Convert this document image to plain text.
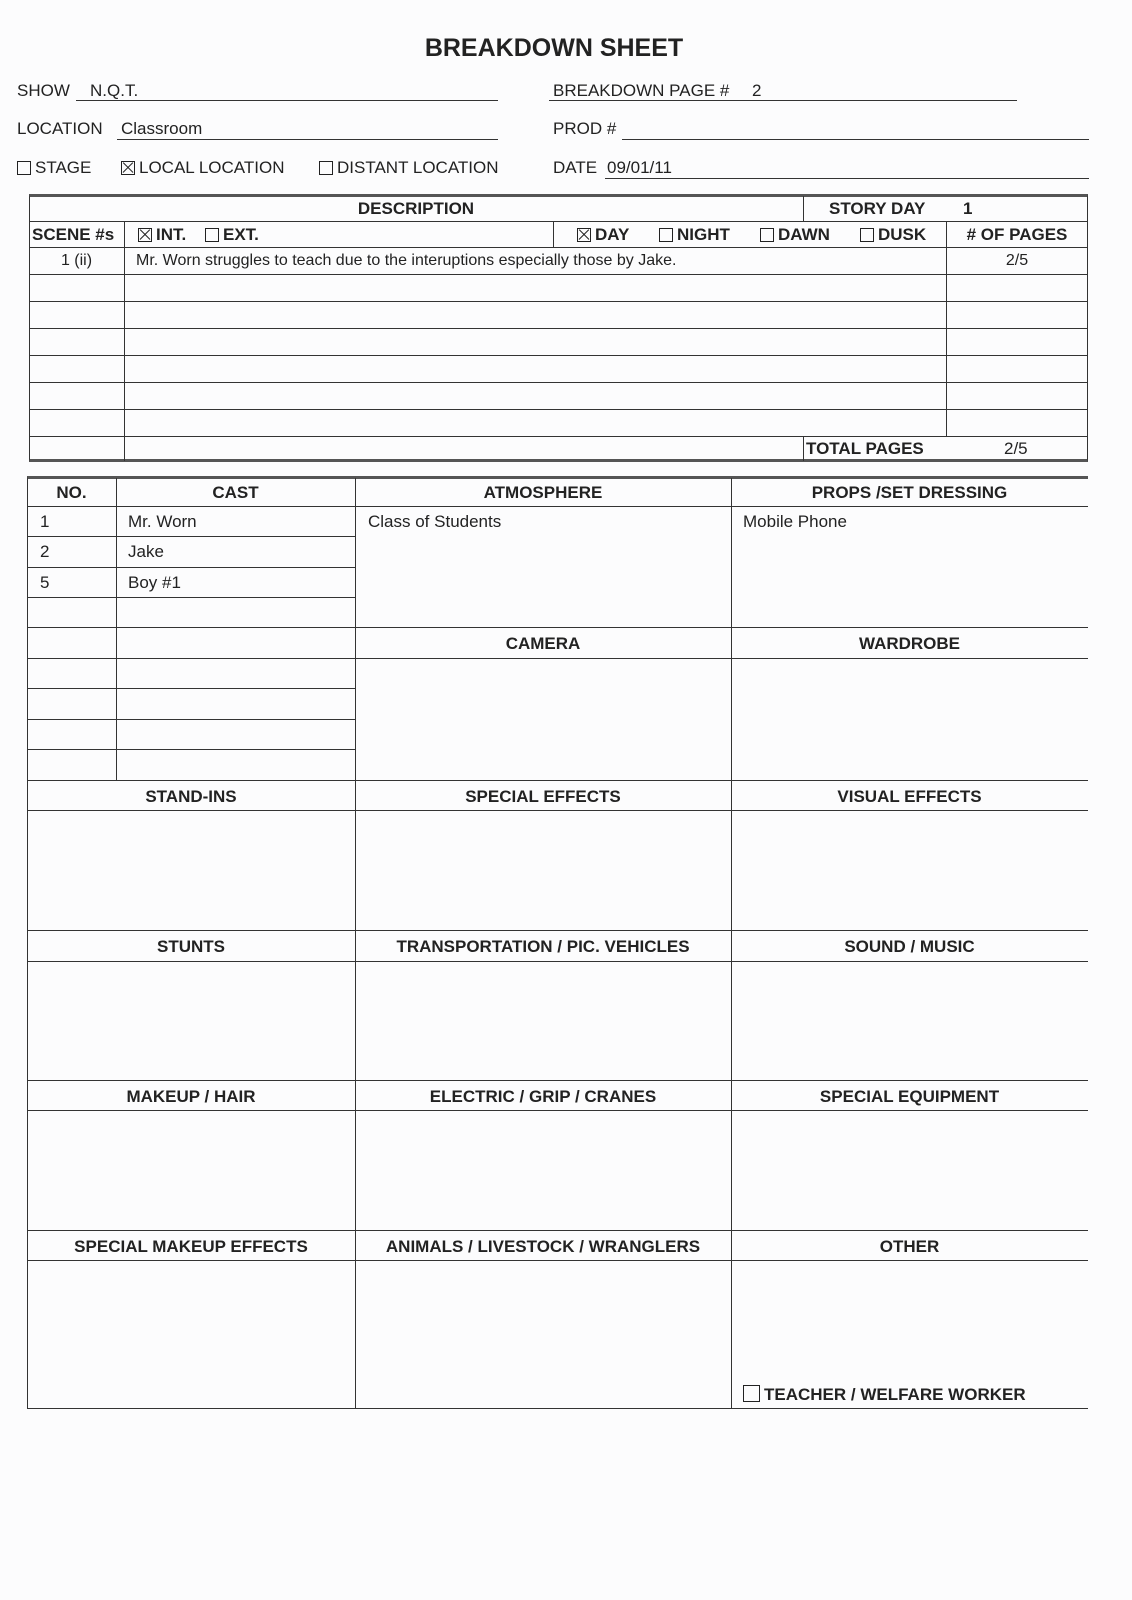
BREAKDOWN SHEET
SHOW N.Q.T.	BREAKDOWN PAGE # 2
LOCATION Classroom	PROD #
STAGE	LOCAL LOCATION	DISTANT LOCATION	DATE 09/01/11
DESCRIPTION	STORY DAY 1
SCENE #s	INT.	EXT.	DAY	NIGHT	DAWN	DUSK	# OF PAGES
1 (ii)	Mr. Worn struggles to teach due to the interuptions especially those by Jake.	2/5
TOTAL PAGES	2/5
NO.	CAST	ATMOSPHERE	PROPS /SET DRESSING
1	Mr. Worn
2	Jake
5	Boy #1
Class of Students	Mobile Phone
CAMERA	WARDROBE
STAND-INS	SPECIAL EFFECTS	VISUAL EFFECTS
STUNTS	TRANSPORTATION / PIC. VEHICLES	SOUND / MUSIC
MAKEUP / HAIR	ELECTRIC / GRIP / CRANES	SPECIAL EQUIPMENT
SPECIAL MAKEUP EFFECTS	ANIMALS / LIVESTOCK / WRANGLERS	OTHER
TEACHER / WELFARE WORKER
